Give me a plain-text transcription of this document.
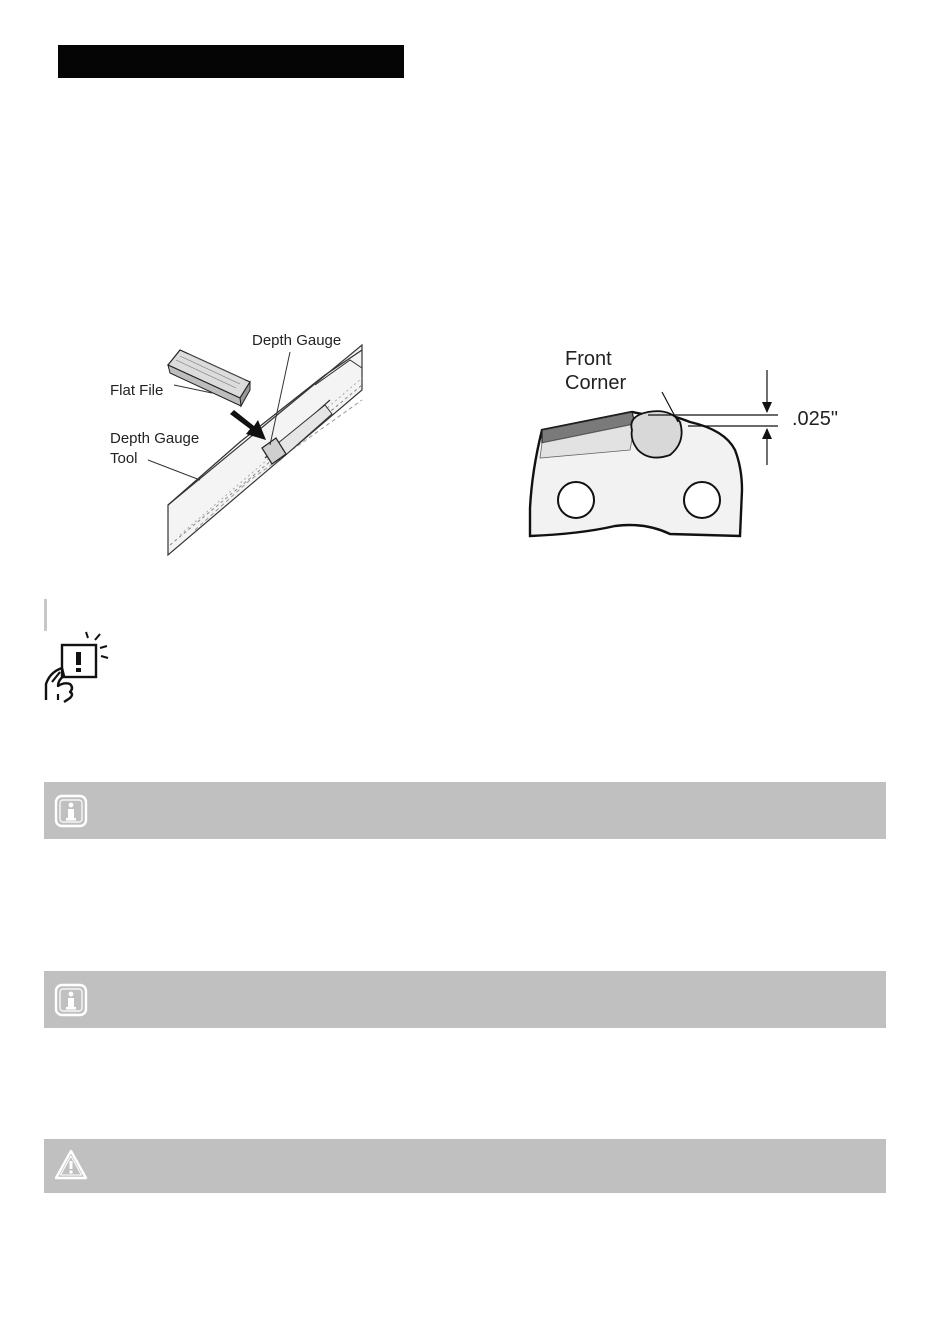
Depth Gauge
Flat File
Depth Gauge
Tool
Front
Corner
.025"
